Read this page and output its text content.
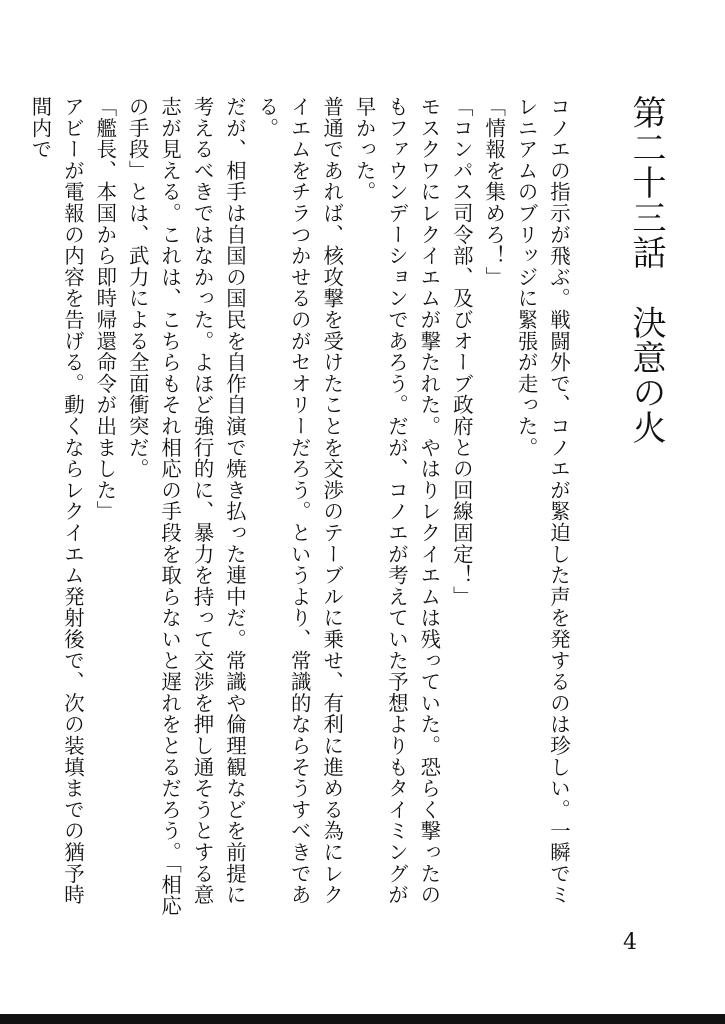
第二十三話　決意の火

コノエの指示が飛ぶ。戦闘外で、コノエが緊迫した声を発するのは珍しい。一瞬でミレニアムのブリッジに緊張が走った。

「情報を集めろ！」

「コンパス司令部、及びオーブ政府との回線固定！」

モスクワにレクイエムが撃たれた。やはりレクイエムは残っていた。恐らく撃ったのもファウンデーションであろう。だが、コノエが考えていた予想よりもタイミングが早かった。

普通であれば、核攻撃を受けたことを交渉のテーブルに乗せ、有利に進める為にレクイエムをチラつかせるのがセオリーだろう。というより、常識的ならそうすべきである。

だが、相手は自国の国民を自作自演で焼き払った連中だ。常識や倫理観などを前提に考えるべきではなかった。よほど強行的に、暴力を持って交渉を押し通そうとする意志が見える。これは、こちらもそれ相応の手段を取らないと遅れをとるだろう。「相応の手段」とは、武力による全面衝突だ。

「艦長、本国から即時帰還命令が出ました」

アビーが電報の内容を告げる。動くならレクイエム発射後で、次の装填までの猶予時間内で

4
